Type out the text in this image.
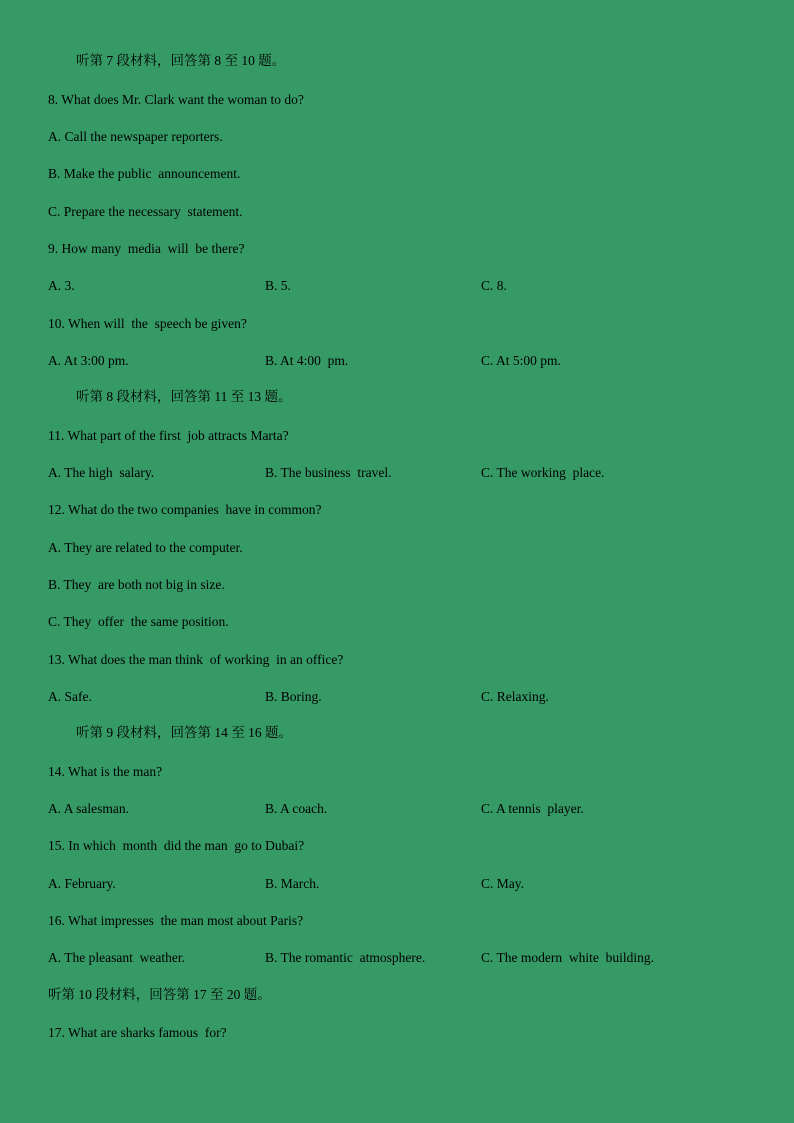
听第 7 段材料，回答第 8 至 10 题。
8. What does Mr. Clark want the woman to do?
A. Call the newspaper reporters.
B. Make the public  announcement.
C. Prepare the necessary  statement.
9. How many  media  will  be there?
A. 3.	B. 5.	C. 8.
10. When will  the  speech be given?
A. At 3:00 pm.	B. At 4:00  pm.	C. At 5:00 pm.
听第 8 段材料，回答第 11 至 13 题。
11. What part of the first  job attracts Marta?
A. The high  salary.	B. The business  travel.	C. The working  place.
12. What do the two companies  have in common?
A. They are related to the computer.
B. They  are both not big in size.
C. They  offer  the same position.
13. What does the man think  of working  in an office?
A. Safe.	B. Boring.	C. Relaxing.
听第 9 段材料，回答第 14 至 16 题。
14. What is the man?
A. A salesman.	B. A coach.	C. A tennis  player.
15. In which  month  did the man  go to Dubai?
A. February.	B. March.	C. May.
16. What impresses  the man most about Paris?
A. The pleasant  weather.	B. The romantic  atmosphere.	C. The modern  white  building.
听第 10 段材料，回答第 17 至 20 题。
17. What are sharks famous  for?
